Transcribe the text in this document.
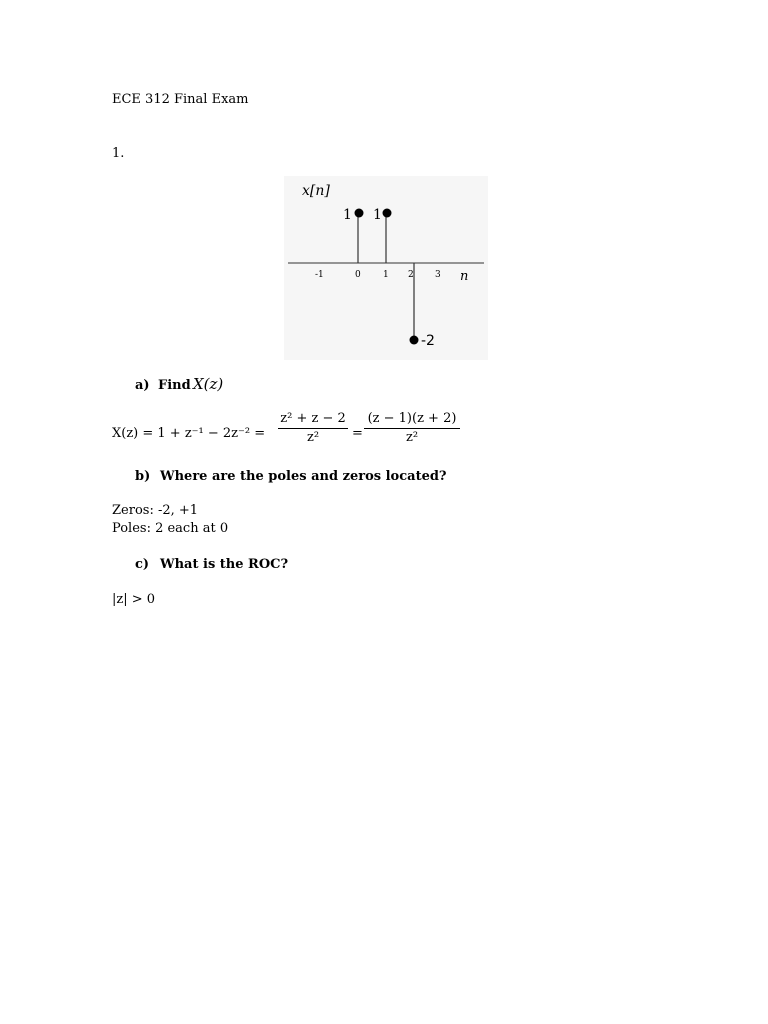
ECE 312 Final Exam
1.
x[n]
1 1
-2
-1	0 1 2 3 n
a) Find X(z)
X(z) = 1 + z⁻¹ − 2z⁻² =
z² + z − 2
z²	=
(z − 1)(z + 2)
z²
b) Where are the poles and zeros located?
Zeros: -2, +1
Poles: 2 each at 0
c) What is the ROC?
|z| > 0
